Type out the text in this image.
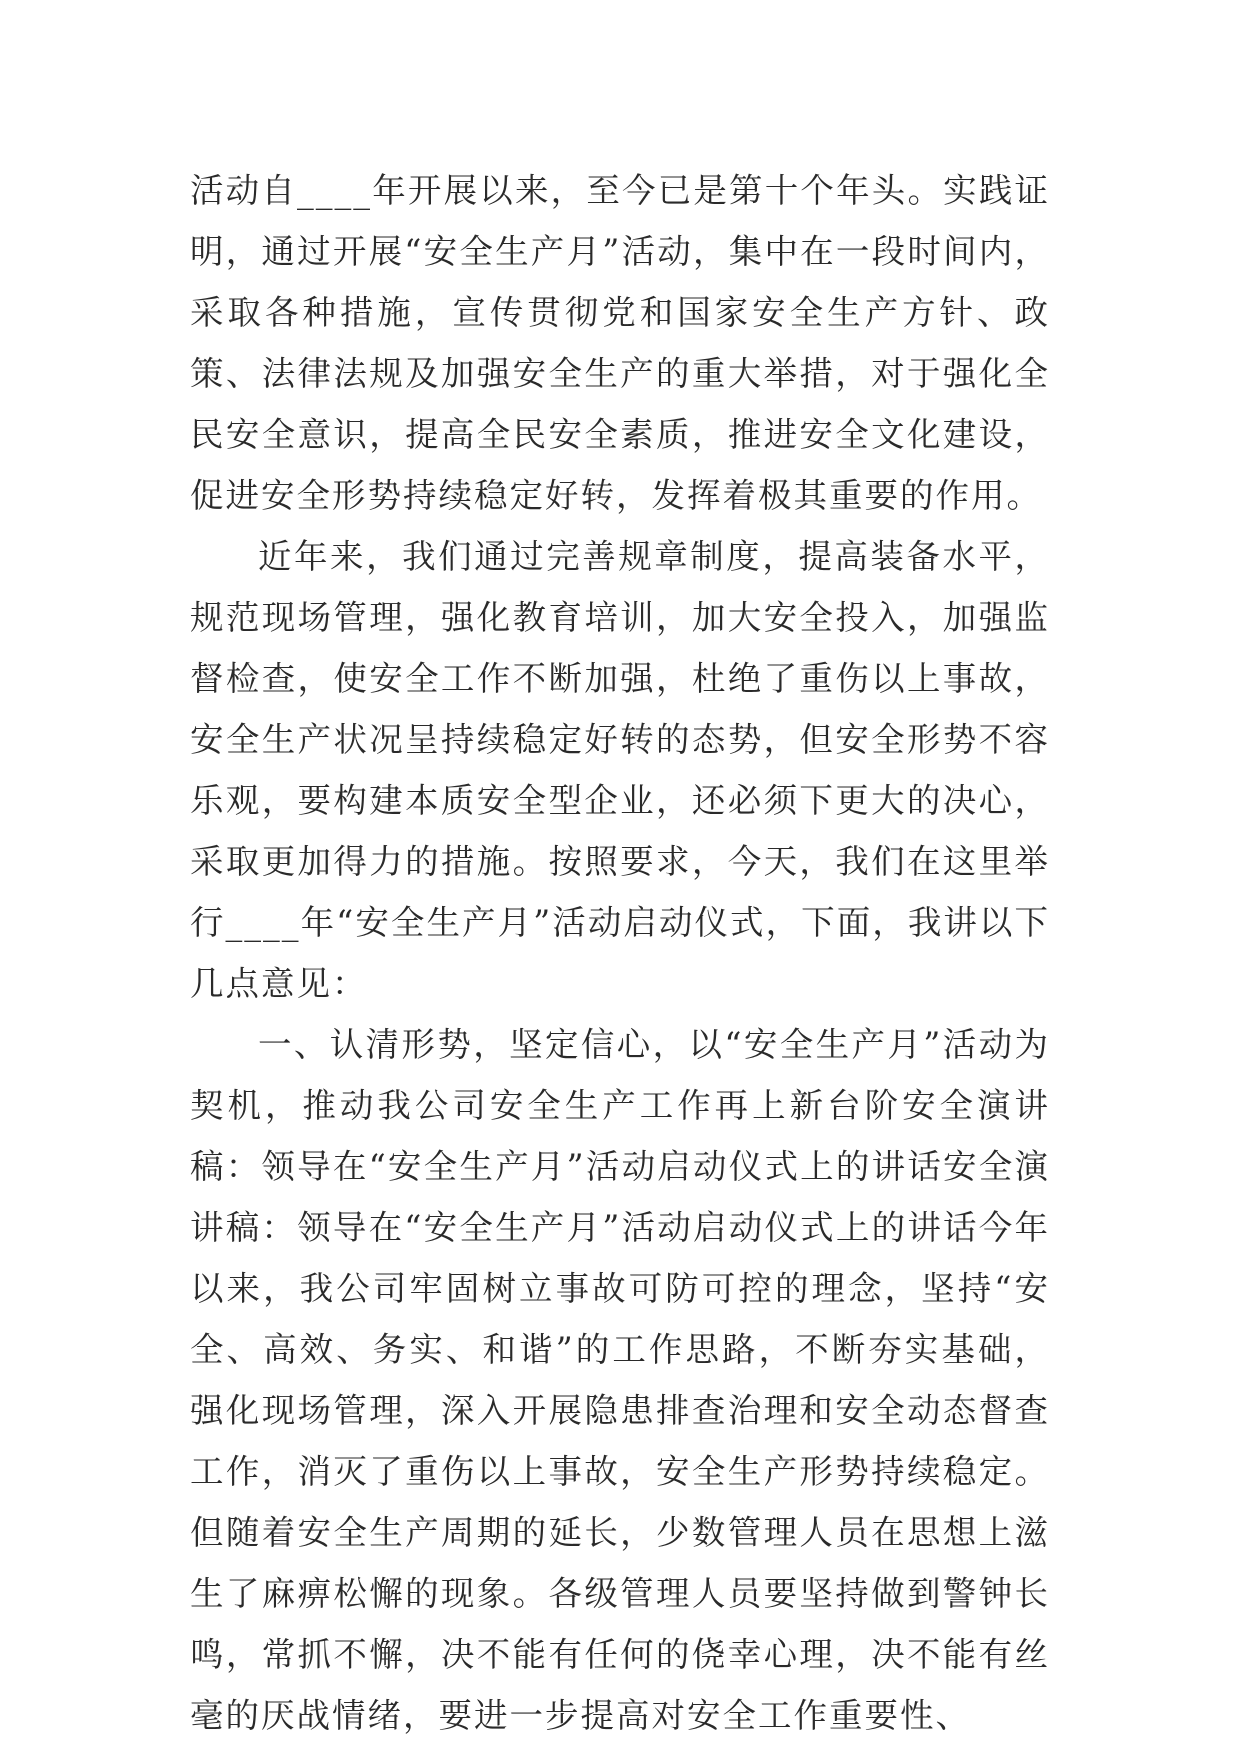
活动自____年开展以来，至今已是第十个年头。实践证明，通过开展“安全生产月”活动，集中在一段时间内，采取各种措施，宣传贯彻党和国家安全生产方针、政策、法律法规及加强安全生产的重大举措，对于强化全民安全意识，提高全民安全素质，推进安全文化建设，促进安全形势持续稳定好转，发挥着极其重要的作用。

近年来，我们通过完善规章制度，提高装备水平，规范现场管理，强化教育培训，加大安全投入，加强监督检查，使安全工作不断加强，杜绝了重伤以上事故，安全生产状况呈持续稳定好转的态势，但安全形势不容乐观，要构建本质安全型企业，还必须下更大的决心，采取更加得力的措施。按照要求，今天，我们在这里举行____年“安全生产月”活动启动仪式，下面，我讲以下几点意见：

一、认清形势，坚定信心，以“安全生产月”活动为契机，推动我公司安全生产工作再上新台阶安全演讲稿：领导在“安全生产月”活动启动仪式上的讲话安全演讲稿：领导在“安全生产月”活动启动仪式上的讲话今年以来，我公司牢固树立事故可防可控的理念，坚持“安全、高效、务实、和谐”的工作思路，不断夯实基础，强化现场管理，深入开展隐患排查治理和安全动态督查工作，消灭了重伤以上事故，安全生产形势持续稳定。但随着安全生产周期的延长，少数管理人员在思想上滋生了麻痹松懈的现象。各级管理人员要坚持做到警钟长鸣，常抓不懈，决不能有任何的侥幸心理，决不能有丝毫的厌战情绪，要进一步提高对安全工作重要性、
